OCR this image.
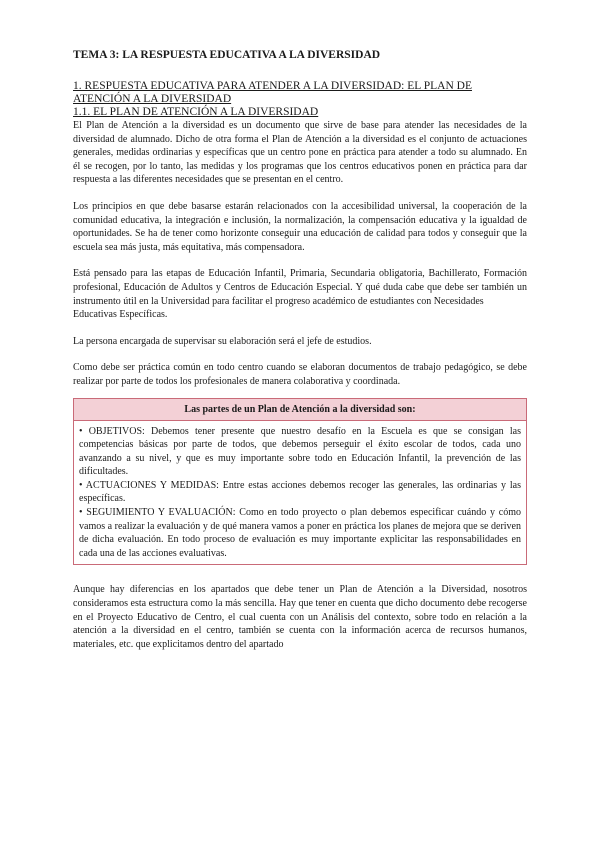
TEMA 3: LA RESPUESTA EDUCATIVA A LA DIVERSIDAD
1. RESPUESTA EDUCATIVA PARA ATENDER A LA DIVERSIDAD: EL PLAN DE ATENCIÓN A LA DIVERSIDAD
1.1. EL PLAN DE ATENCIÓN A LA DIVERSIDAD

El Plan de Atención a la diversidad es un documento que sirve de base para atender las necesidades de la diversidad de alumnado. Dicho de otra forma el Plan de Atención a la diversidad es el conjunto de actuaciones generales, medidas ordinarias y específicas que un centro pone en práctica para atender a todo su alumnado. En él se recogen, por lo tanto, las medidas y los programas que los centros educativos ponen en práctica para dar respuesta a las diferentes necesidades que se presentan en el centro.

Los principios en que debe basarse estarán relacionados con la accesibilidad universal, la cooperación de la comunidad educativa, la integración e inclusión, la normalización, la compensación educativa y la igualdad de oportunidades. Se ha de tener como horizonte conseguir una educación de calidad para todos y conseguir que la escuela sea más justa, más equitativa, más compensadora.

Está pensado para las etapas de Educación Infantil, Primaria, Secundaria obligatoria, Bachillerato, Formación profesional, Educación de Adultos y Centros de Educación Especial. Y qué duda cabe que debe ser también un instrumento útil en la Universidad para facilitar el progreso académico de estudiantes con Necesidades

Educativas Específicas.

La persona encargada de supervisar su elaboración será el jefe de estudios.

Como debe ser práctica común en todo centro cuando se elaboran documentos de trabajo pedagógico, se debe realizar por parte de todos los profesionales de manera colaborativa y coordinada.

Las partes de un Plan de Atención a la diversidad son:

• OBJETIVOS: Debemos tener presente que nuestro desafío en la Escuela es que se consigan las competencias básicas por parte de todos, que debemos perseguir el éxito escolar de todos, cada uno avanzando a su nivel, y que es muy importante sobre todo en Educación Infantil, la prevención de las dificultades.

• ACTUACIONES Y MEDIDAS: Entre estas acciones debemos recoger las generales, las ordinarias y las específicas.

• SEGUIMIENTO Y EVALUACIÓN: Como en todo proyecto o plan debemos especificar cuándo y cómo vamos a realizar la evaluación y de qué manera vamos a poner en práctica los planes de mejora que se deriven de dicha evaluación. En todo proceso de evaluación es muy importante explicitar las responsabilidades en cada una de las acciones evaluativas.

Aunque hay diferencias en los apartados que debe tener un Plan de Atención a la Diversidad, nosotros consideramos esta estructura como la más sencilla. Hay que tener en cuenta que dicho documento debe recogerse en el Proyecto Educativo de Centro, el cual cuenta con un Análisis del contexto, sobre todo en relación a la atención a la diversidad en el centro, también se cuenta con la información acerca de recursos humanos, materiales, etc. que explicitamos dentro del apartado
